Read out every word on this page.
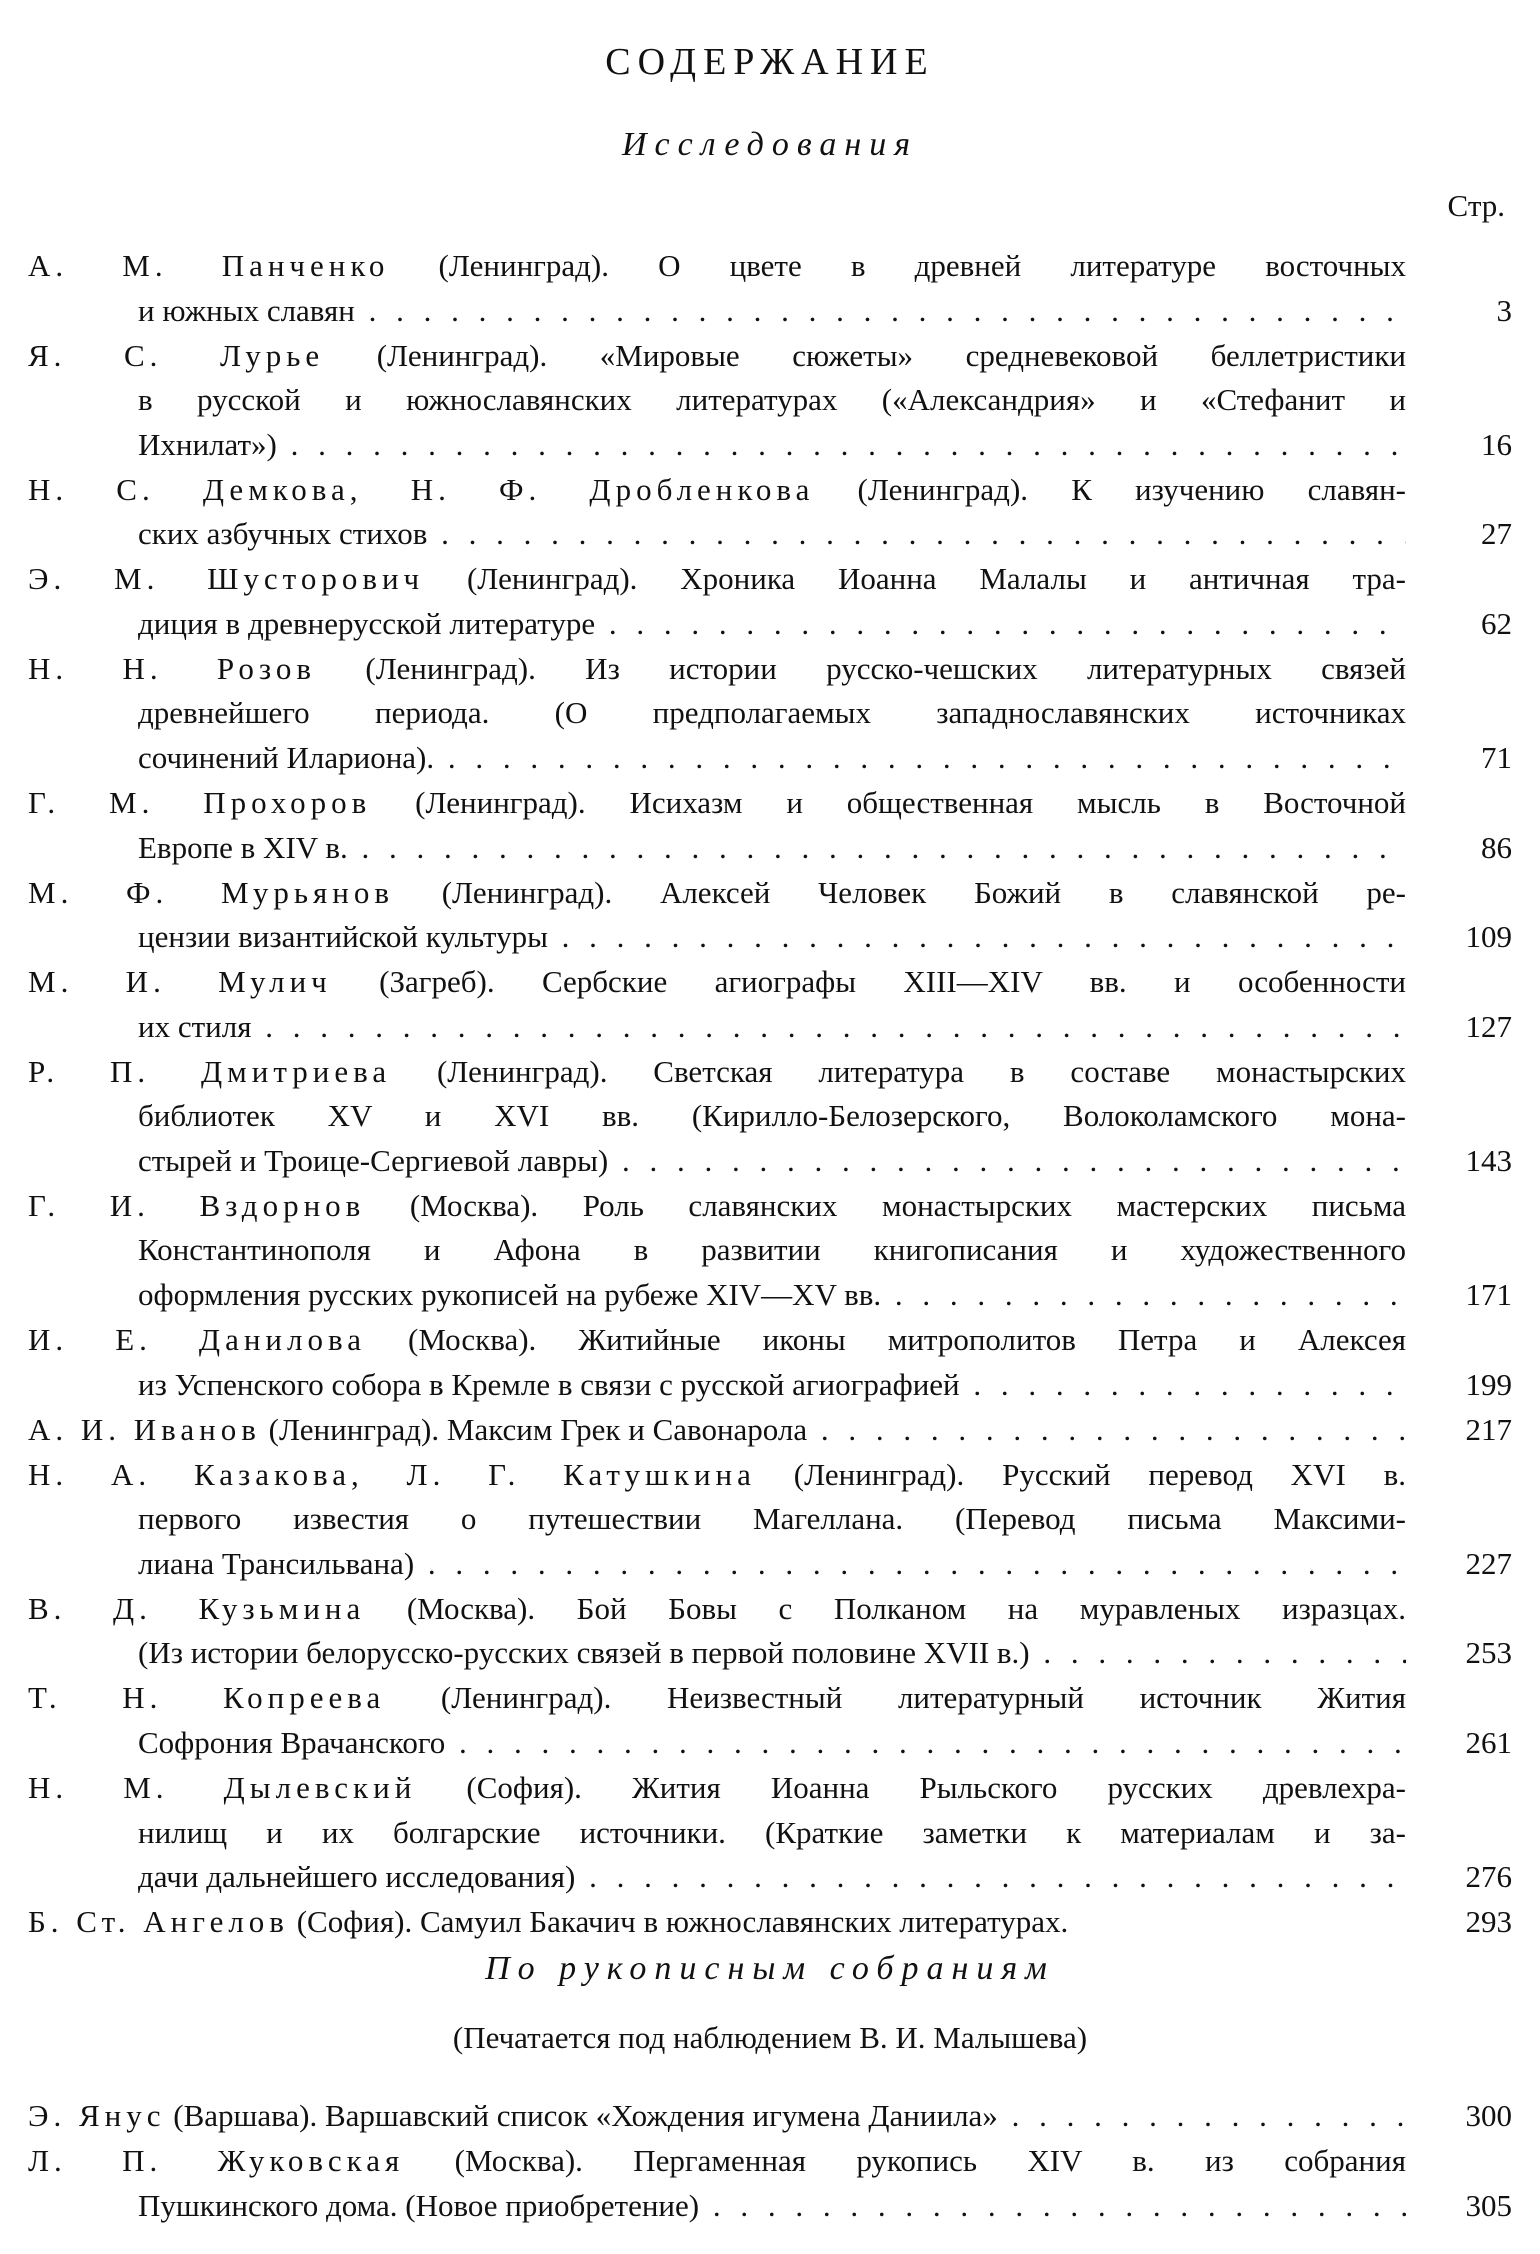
СОДЕРЖАНИЕ
Исследования
Стр.
А. М. Панченко (Ленинград). О цвете в древней литературе восточных
и южных славян . . .	3
Я. С. Лурье (Ленинград). «Мировые сюжеты» средневековой беллетристики
в русской и южнославянских литературах («Александрия» и «Стефанит и
Ихнилат») . . .	16
Н. С. Демкова, Н. Ф. Дробленкова (Ленинград). К изучению славян-
ских азбучных стихов . . .	27
Э. М. Шусторович (Ленинград). Хроника Иоанна Малалы и античная тра-
диция в древнерусской литературе . . .	62
Н. Н. Розов (Ленинград). Из истории русско-чешских литературных связей
древнейшего периода. (О предполагаемых западнославянских источниках
сочинений Илариона). . . .	71
Г. М. Прохоров (Ленинград). Исихазм и общественная мысль в Восточной
Европе в XIV в. . . .	86
М. Ф. Мурьянов (Ленинград). Алексей Человек Божий в славянской ре-
цензии византийской культуры . . .	109
М. И. Мулич (Загреб). Сербские агиографы XIII—XIV вв. и особенности
их стиля . . .	127
Р. П. Дмитриева (Ленинград). Светская литература в составе монастырских
библиотек XV и XVI вв. (Кирилло-Белозерского, Волоколамского мона-
стырей и Троице-Сергиевой лавры) . . .	143
Г. И. Вздорнов (Москва). Роль славянских монастырских мастерских письма
Константинополя и Афона в развитии книгописания и художественного
оформления русских рукописей на рубеже XIV—XV вв. . . .	171
И. Е. Данилова (Москва). Житийные иконы митрополитов Петра и Алексея
из Успенского собора в Кремле в связи с русской агиографией . . .	199
А. И. Иванов (Ленинград). Максим Грек и Савонарола . . .	217
Н. А. Казакова, Л. Г. Катушкина (Ленинград). Русский перевод XVI в.
первого известия о путешествии Магеллана. (Перевод письма Максими-
лиана Трансильвана) . . .	227
В. Д. Кузьмина (Москва). Бой Бовы с Полканом на муравленых изразцах.
(Из истории белорусско-русских связей в первой половине XVII в.) . . .	253
Т. Н. Копреева (Ленинград). Неизвестный литературный источник Жития
Софрония Врачанского . . .	261
Н. М. Дылевский (София). Жития Иоанна Рыльского русских древлехра-
нилищ и их болгарские источники. (Краткие заметки к материалам и за-
дачи дальнейшего исследования) . . .	276
Б. Ст. Ангелов (София). Самуил Бакачич в южнославянских литературах.	293
По рукописным собраниям
(Печатается под наблюдением В. И. Малышева)
Э. Янус (Варшава). Варшавский список «Хождения игумена Даниила» . . .	300
Л. П. Жуковская (Москва). Пергаменная рукопись XIV в. из собрания
Пушкинского дома. (Новое приобретение) . . .	305
